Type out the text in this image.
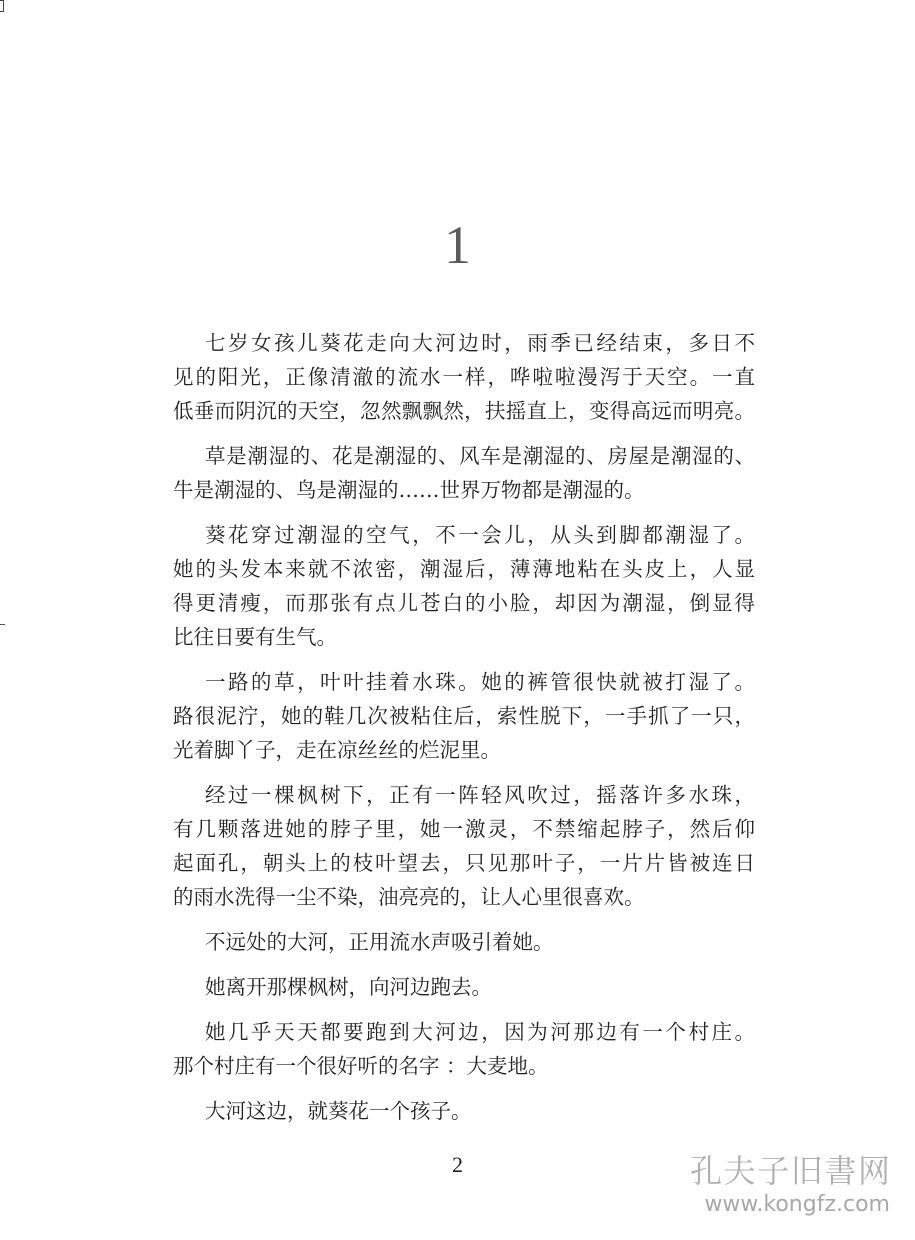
1
七岁女孩儿葵花走向大河边时，雨季已经结束，多日不
见的阳光，正像清澈的流水一样，哗啦啦漫泻于天空。一直
低垂而阴沉的天空，忽然飘飘然，扶摇直上，变得高远而明亮。
草是潮湿的、花是潮湿的、风车是潮湿的、房屋是潮湿的、
牛是潮湿的、鸟是潮湿的……世界万物都是潮湿的。
葵花穿过潮湿的空气，不一会儿，从头到脚都潮湿了。
她的头发本来就不浓密，潮湿后，薄薄地粘在头皮上，人显
得更清瘦，而那张有点儿苍白的小脸，却因为潮湿，倒显得
比往日要有生气。
一路的草，叶叶挂着水珠。她的裤管很快就被打湿了。
路很泥泞，她的鞋几次被粘住后，索性脱下，一手抓了一只，
光着脚丫子，走在凉丝丝的烂泥里。
经过一棵枫树下，正有一阵轻风吹过，摇落许多水珠，
有几颗落进她的脖子里，她一激灵，不禁缩起脖子，然后仰
起面孔，朝头上的枝叶望去，只见那叶子，一片片皆被连日
的雨水洗得一尘不染，油亮亮的，让人心里很喜欢。
不远处的大河，正用流水声吸引着她。
她离开那棵枫树，向河边跑去。
她几乎天天都要跑到大河边，因为河那边有一个村庄。
那个村庄有一个很好听的名字 ：大麦地。
大河这边，就葵花一个孩子。
2	孔夫子旧書网
www.kongfz.com
